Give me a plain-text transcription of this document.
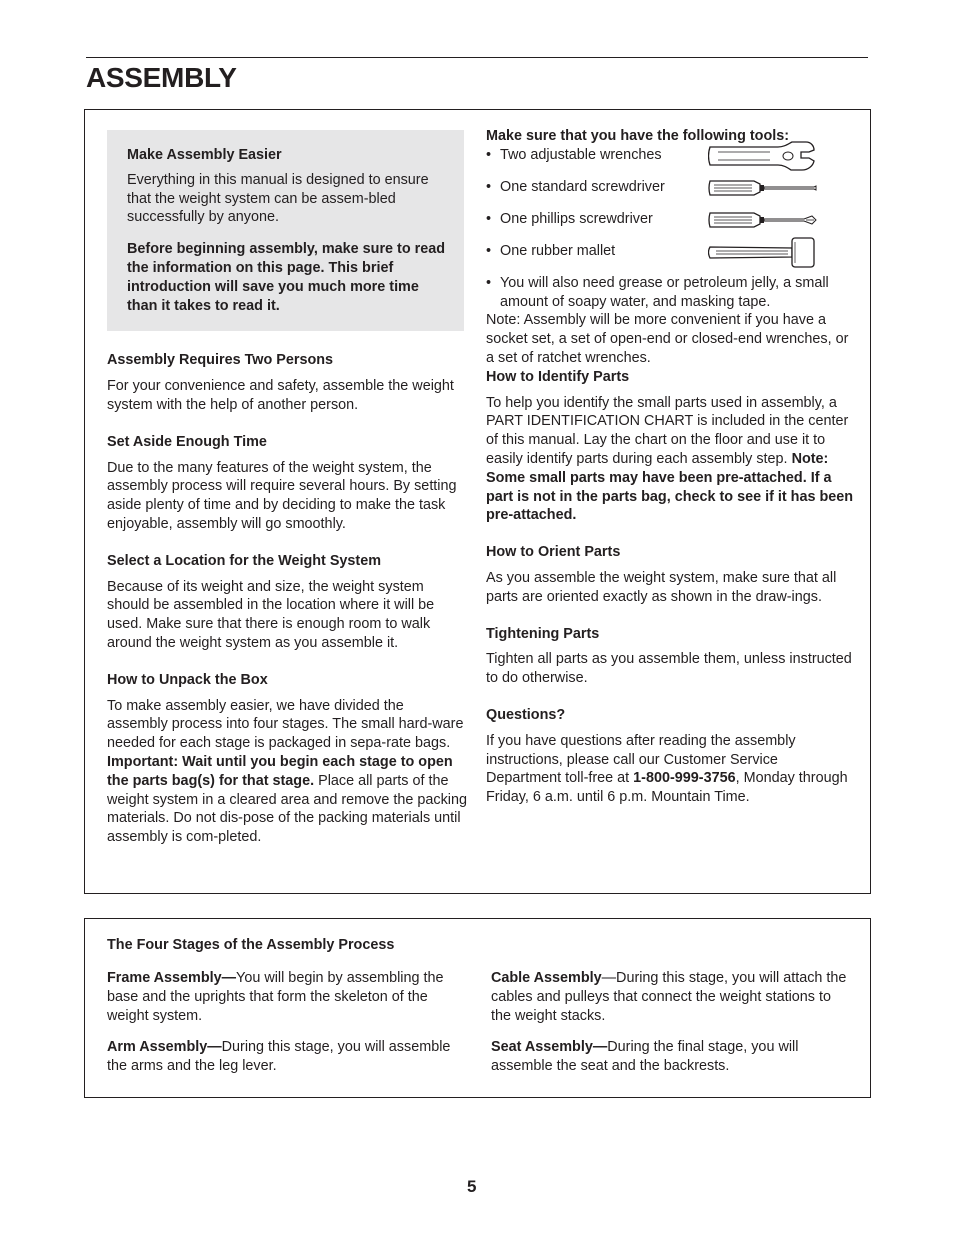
ASSEMBLY

Make Assembly Easier

Everything in this manual is designed to ensure that the weight system can be assem-bled successfully by anyone.

Before beginning assembly, make sure to read the information on this page. This brief introduction will save you much more time than it takes to read it.

Assembly Requires Two Persons

For your convenience and safety, assemble the weight system with the help of another person.

Set Aside Enough Time

Due to the many features of the weight system, the assembly process will require several hours. By setting aside plenty of time and by deciding to make the task enjoyable, assembly will go smoothly.

Select a Location for the Weight System

Because of its weight and size, the weight system should be assembled in the location where it will be used. Make sure that there is enough room to walk around the weight system as you assemble it.

How to Unpack the Box

To make assembly easier, we have divided the assembly process into four stages. The small hard-ware needed for each stage is packaged in sepa-rate bags. Important: Wait until you begin each stage to open the parts bag(s) for that stage. Place all parts of the weight system in a cleared area and remove the packing materials. Do not dis-pose of the packing materials until assembly is com-pleted.

Make sure that you have the following tools:

• Two adjustable wrenches
• One standard screwdriver
• One phillips screwdriver
• One rubber mallet

• You will also need grease or petroleum jelly, a small amount of soapy water, and masking tape.

Note: Assembly will be more convenient if you have a socket set, a set of open-end or closed-end wrenches, or a set of ratchet wrenches.

How to Identify Parts

To help you identify the small parts used in assembly, a PART IDENTIFICATION CHART is included in the center of this manual. Lay the chart on the floor and use it to easily identify parts during each assembly step. Note: Some small parts may have been pre-attached. If a part is not in the parts bag, check to see if it has been pre-attached.

How to Orient Parts

As you assemble the weight system, make sure that all parts are oriented exactly as shown in the draw-ings.

Tightening Parts

Tighten all parts as you assemble them, unless instructed to do otherwise.

Questions?

If you have questions after reading the assembly instructions, please call our Customer Service Department toll-free at 1-800-999-3756, Monday through Friday, 6 a.m. until 6 p.m. Mountain Time.

The Four Stages of the Assembly Process

Frame Assembly—You will begin by assembling the base and the uprights that form the skeleton of the weight system.

Arm Assembly—During this stage, you will assemble the arms and the leg lever.

Cable Assembly—During this stage, you will attach the cables and pulleys that connect the weight stations to the weight stacks.

Seat Assembly—During the final stage, you will assemble the seat and the backrests.

5
